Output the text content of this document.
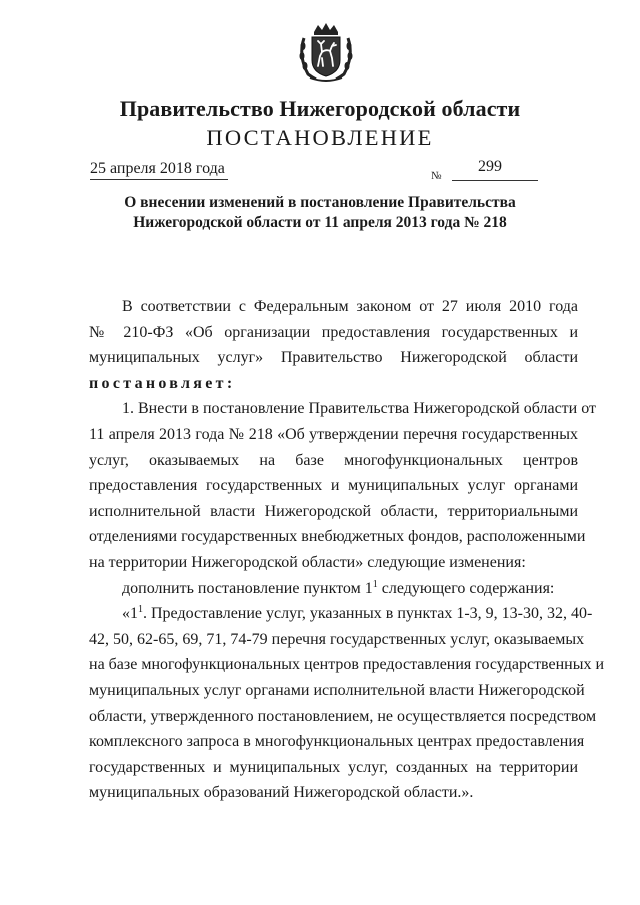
Правительство Нижегородской области
ПОСТАНОВЛЕНИЕ
25 апреля 2018 года	№
299
О внесении изменений в постановление Правительства
Нижегородской области от 11 апреля 2013 года № 218
В соответствии с Федеральным законом от 27 июля 2010 года
№ 210-ФЗ «Об организации предоставления государственных и
муниципальных услуг» Правительство Нижегородской области
постановляет:
1. Внести в постановление Правительства Нижегородской области от
11 апреля 2013 года № 218 «Об утверждении перечня государственных
услуг, оказываемых на базе многофункциональных центров
предоставления государственных и муниципальных услуг органами
исполнительной власти Нижегородской области, территориальными
отделениями государственных внебюджетных фондов, расположенными
на территории Нижегородской области» следующие изменения:
дополнить постановление пунктом $1^1$ следующего содержания:
«$1^1$. Предоставление услуг, указанных в пунктах 1-3, 9, 13-30, 32, 40-
42, 50, 62-65, 69, 71, 74-79 перечня государственных услуг, оказываемых
на базе многофункциональных центров предоставления государственных и
муниципальных услуг органами исполнительной власти Нижегородской
области, утвержденного постановлением, не осуществляется посредством
комплексного запроса в многофункциональных центрах предоставления
государственных и муниципальных услуг, созданных на территории
муниципальных образований Нижегородской области.».
